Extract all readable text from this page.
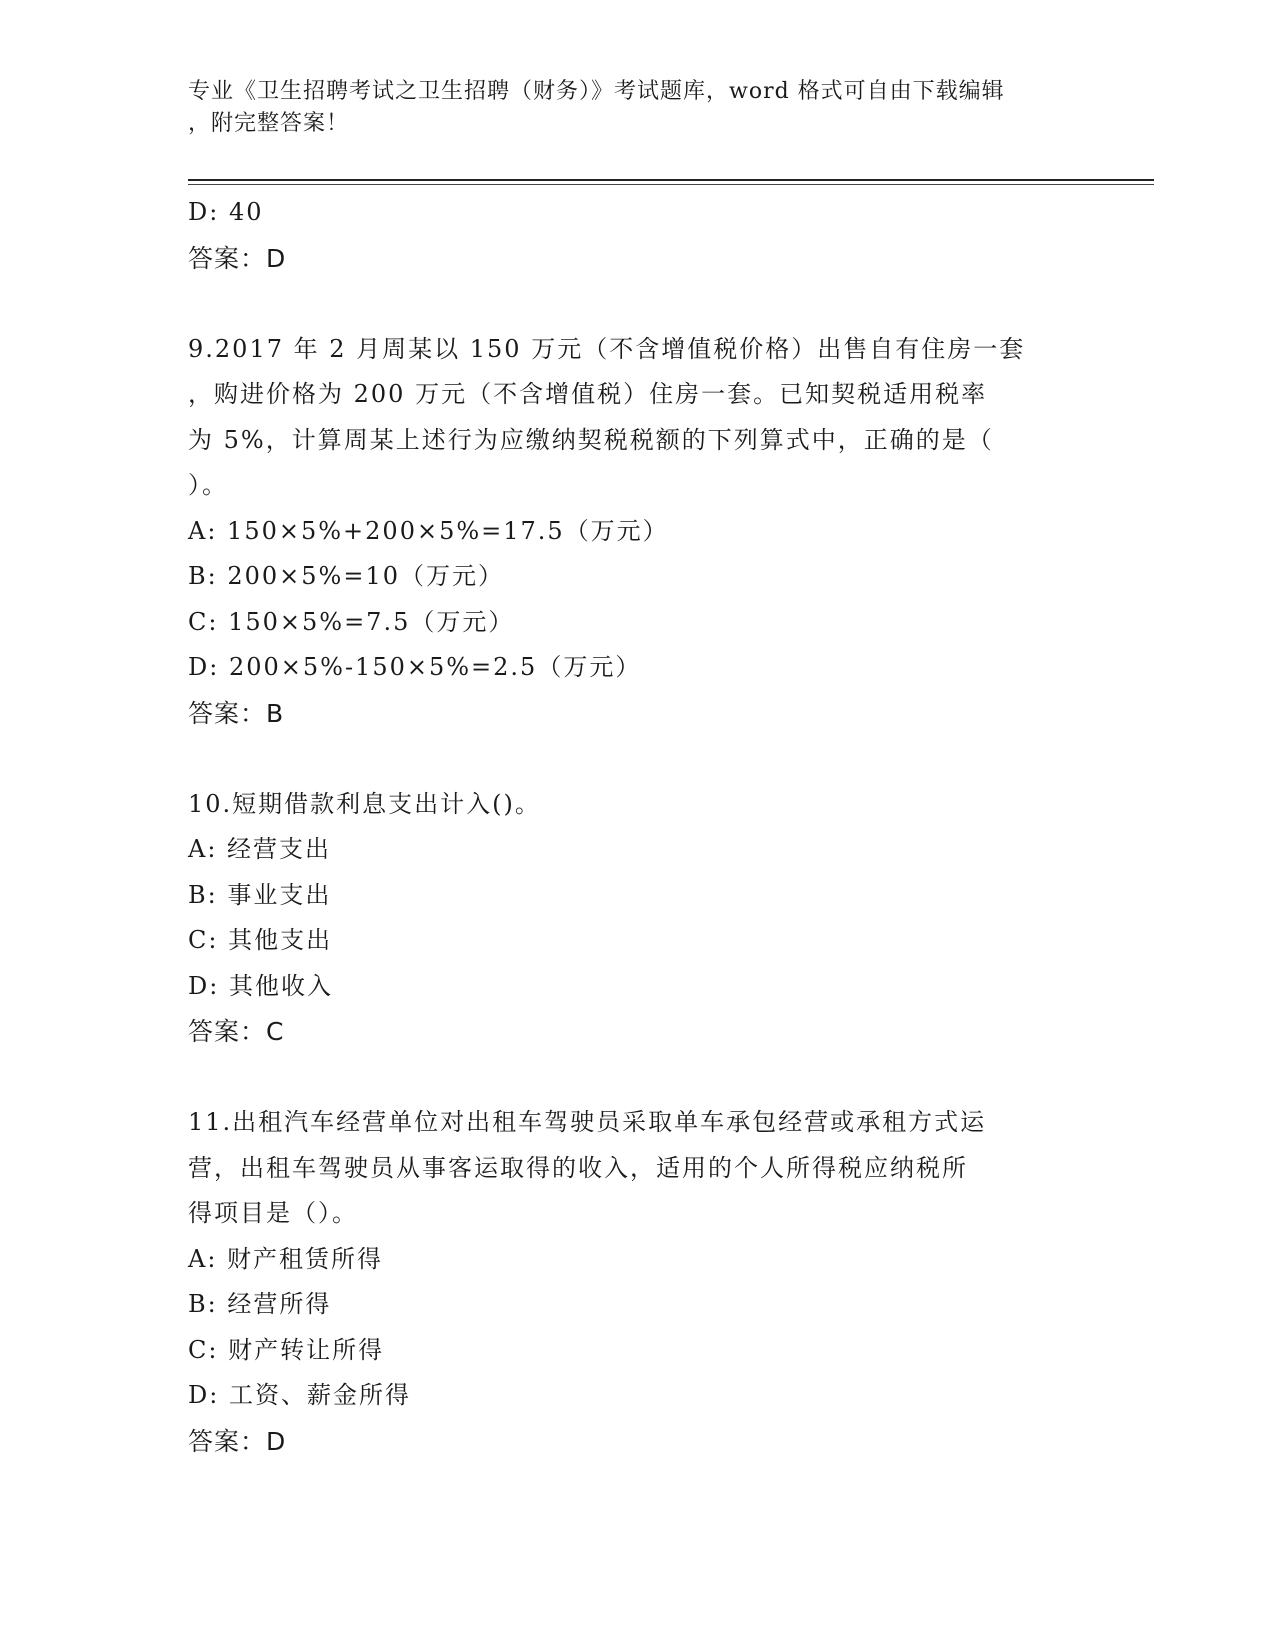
专业《卫生招聘考试之卫生招聘（财务）》考试题库，word 格式可自由下载编辑
，附完整答案！
D: 40
答案：D
9.2017 年 2 月周某以 150 万元（不含增值税价格）出售自有住房一套
，购进价格为 200 万元（不含增值税）住房一套。已知契税适用税率
为 5%，计算周某上述行为应缴纳契税税额的下列算式中，正确的是（
）。
A: 150×5%+200×5%=17.5（万元）
B: 200×5%=10（万元）
C: 150×5%=7.5（万元）
D: 200×5%-150×5%=2.5（万元）
答案：B
10.短期借款利息支出计入()。
A: 经营支出
B: 事业支出
C: 其他支出
D: 其他收入
答案：C
11.出租汽车经营单位对出租车驾驶员采取单车承包经营或承租方式运
营，出租车驾驶员从事客运取得的收入，适用的个人所得税应纳税所
得项目是（）。
A: 财产租赁所得
B: 经营所得
C: 财产转让所得
D: 工资、薪金所得
答案：D
